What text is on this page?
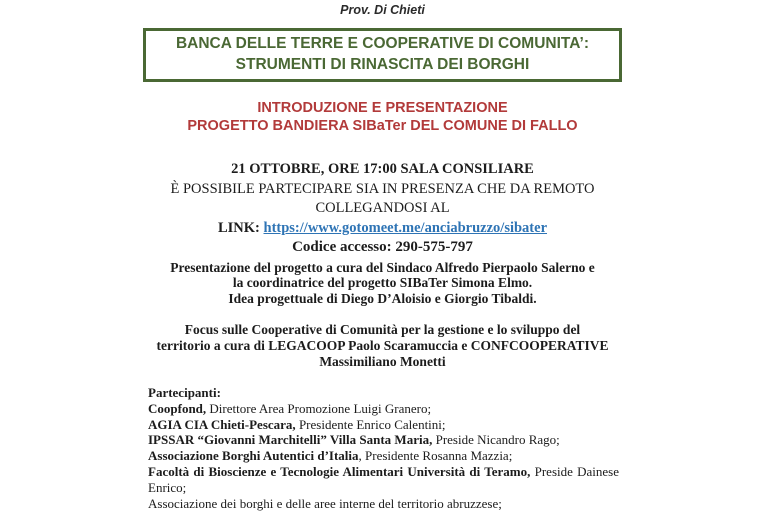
Prov. Di Chieti
BANCA DELLE TERRE E COOPERATIVE DI COMUNITA’:
STRUMENTI DI RINASCITA DEI BORGHI
INTRODUZIONE E PRESENTAZIONE
PROGETTO BANDIERA SIBaTer DEL COMUNE DI FALLO
21 OTTOBRE, ORE 17:00 SALA CONSILIARE
È POSSIBILE PARTECIPARE SIA IN PRESENZA CHE DA REMOTO
COLLEGANDOSI AL
LINK: https://www.gotomeet.me/anciabruzzo/sibater
Codice accesso: 290-575-797
Presentazione del progetto a cura del Sindaco Alfredo Pierpaolo Salerno e
la coordinatrice del progetto SIBaTer Simona Elmo.
Idea progettuale di Diego D’Aloisio e Giorgio Tibaldi.
Focus sulle Cooperative di Comunità per la gestione e lo sviluppo del
territorio a cura di LEGACOOP Paolo Scaramuccia e CONFCOOPERATIVE
Massimiliano Monetti
Partecipanti:
Coopfond, Direttore Area Promozione Luigi Granero;
AGIA CIA Chieti-Pescara, Presidente Enrico Calentini;
IPSSAR “Giovanni Marchitelli” Villa Santa Maria, Preside Nicandro Rago;
Associazione Borghi Autentici d’Italia, Presidente Rosanna Mazzia;
Facoltà di Bioscienze e Tecnologie Alimentari Università di Teramo, Preside Dainese Enrico;
Associazione dei borghi e delle aree interne del territorio abruzzese;
